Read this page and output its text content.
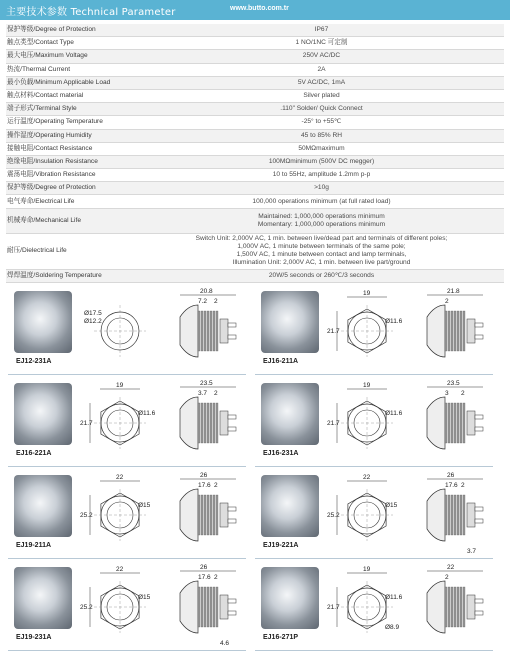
主要技术参数 Technical Parameter	www.butto.com.tr
保护等级/Degree of Protection	IP67
触点类型/Contact Type	1 NO/1NC 可定制
最大电压/Maximum Voltage	250V AC/DC
热流/Thermal Current	2A
最小负载/Minimum Applicable Load	5V AC/DC, 1mA
触点材料/Contact material	Silver plated
端子形式/Terminal Style	.110" Solder/ Quick Connect
运行温度/Operating Temperature	-25° to +55℃
操作湿度/Operating Humidity	45 to 85% RH
接触电阻/Contact Resistance	50MΩmaximum
绝缘电阻/Insulation Resistance	100MΩminimum (500V DC megger)
震荡电阻/Vibration Resistance	10 to 55Hz, amplitude 1.2mm p-p
保护等级/Degree of Protection	>10g
电气寿命/Electrical Life	100,000 operations minimum (at full rated load)
机械寿命/Mechanical Life	Maintained: 1,000,000 operations minimum
Momentary: 1,000,000 operations minimum

耐压/Dielectrical Life	Switch Unit: 2,000V AC, 1 min. between live/dead part and terminals of different poles;
1,000V AC, 1 minute between terminals of the same pole;
1,500V AC, 1 minute between contact and lamp terminals,
Illumination Unit: 2,000V AC, 1 min. between live part/ground

焊焊温度/Soldering Temperature	20W/5 seconds or 260℃/3 seconds
EJ12-231A
Ø17.5
Ø12.2
20.8
7.2 2
EJ16-211A
19
21.7
Ø11.6
21.8
2
EJ16-221A
19
21.7
Ø11.6
23.5
3.7 2
EJ16-231A
19
21.7
Ø11.6
23.5
3 2
EJ19-211A
22
25.2
Ø15
26
17.6 2
EJ19-221A
22
25.2
Ø15
26
17.6 2
3.7
EJ19-231A
22
25.2
Ø15
26
17.6 2
4.6
EJ16-271P
19
21.7
Ø11.6
Ø8.9
22
2
